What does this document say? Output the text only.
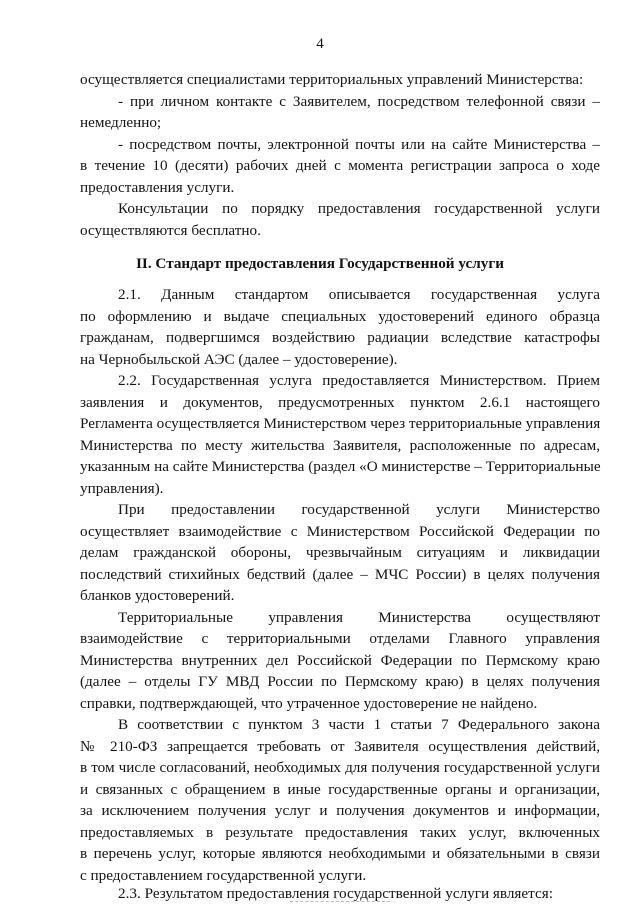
4
осуществляется специалистами территориальных управлений Министерства:
- при личном контакте с Заявителем, посредством телефонной связи –
немедленно;
- посредством почты, электронной почты или на сайте Министерства –
в течение 10 (десяти) рабочих дней с момента регистрации запроса о ходе
предоставления услуги.
Консультации по порядку предоставления государственной услуги
осуществляются бесплатно.
II. Стандарт предоставления Государственной услуги
2.1. Данным стандартом описывается государственная услуга
по оформлению и выдаче специальных удостоверений единого образца
гражданам, подвергшимся воздействию радиации вследствие катастрофы
на Чернобыльской АЭС (далее – удостоверение).
2.2. Государственная услуга предоставляется Министерством. Прием
заявления и документов, предусмотренных пунктом 2.6.1 настоящего
Регламента осуществляется Министерством через территориальные управления
Министерства по месту жительства Заявителя, расположенные по адресам,
указанным на сайте Министерства (раздел «О министерстве – Территориальные
управления).
При предоставлении государственной услуги Министерство
осуществляет взаимодействие с Министерством Российской Федерации по
делам гражданской обороны, чрезвычайным ситуациям и ликвидации
последствий стихийных бедствий (далее – МЧС России) в целях получения
бланков удостоверений.
Территориальные управления Министерства осуществляют
взаимодействие с территориальными отделами Главного управления
Министерства внутренних дел Российской Федерации по Пермскому краю
(далее – отделы ГУ МВД России по Пермскому краю) в целях получения
справки, подтверждающей, что утраченное удостоверение не найдено.
В соответствии с пунктом 3 части 1 статьи 7 Федерального закона
№ 210-ФЗ запрещается требовать от Заявителя осуществления действий,
в том числе согласований, необходимых для получения государственной услуги
и связанных с обращением в иные государственные органы и организации,
за исключением получения услуг и получения документов и информации,
предоставляемых в результате предоставления таких услуг, включенных
в перечень услуг, которые являются необходимыми и обязательными в связи
с предоставлением государственной услуги.
2.3. Результатом предоставления государственной услуги является:
